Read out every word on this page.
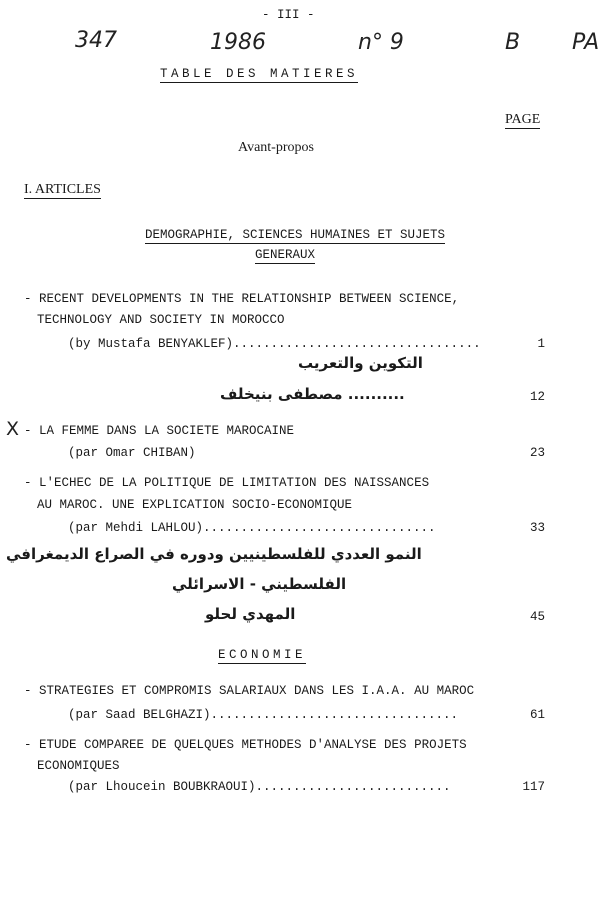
- III -
347	1986	n° 9	B PA
TABLE DES MATIERES
PAGE
Avant-propos
I. ARTICLES
DEMOGRAPHIE, SCIENCES HUMAINES ET SUJETS
GENERAUX
- RECENT DEVELOPMENTS IN THE RELATIONSHIP BETWEEN SCIENCE,
TECHNOLOGY AND SOCIETY IN MOROCCO
(by Mustafa BENYAKLEF).................................	1
التكوين والتعريب
.......... مصطفى بنيخلف	12
X - LA FEMME DANS LA SOCIETE MAROCAINE
(par Omar CHIBAN)	23
- L'ECHEC DE LA POLITIQUE DE LIMITATION DES NAISSANCES
AU MAROC. UNE EXPLICATION SOCIO-ECONOMIQUE
(par Mehdi LAHLOU)...............................	33
النمو العددي للفلسطينيين ودوره في الصراع الديمغرافي
الفلسطيني - الاسرائلي
المهدي لحلو	45
ECONOMIE
- STRATEGIES ET COMPROMIS SALARIAUX DANS LES I.A.A. AU MAROC
(par Saad BELGHAZI).................................	61
- ETUDE COMPAREE DE QUELQUES METHODES D'ANALYSE DES PROJETS
ECONOMIQUES
(par Lhoucein BOUBKRAOUI)..........................	117
